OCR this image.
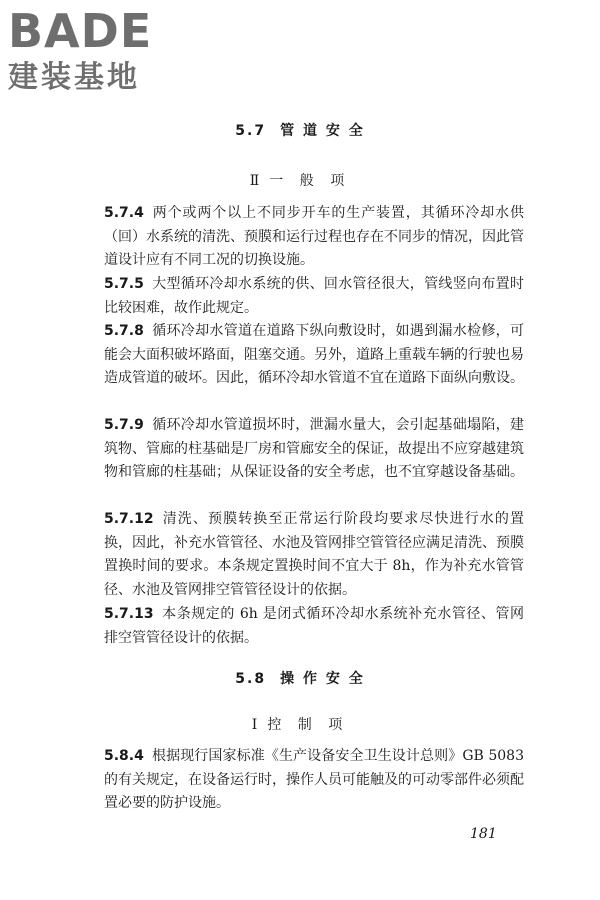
BADE
建装基地
5.7 管 道 安 全
Ⅱ 一 般 项
5.7.4 两个或两个以上不同步开车的生产装置，其循环冷却水供（回）水系统的清洗、预膜和运行过程也存在不同步的情况，因此管道设计应有不同工况的切换设施。
5.7.5 大型循环冷却水系统的供、回水管径很大，管线竖向布置时比较困难，故作此规定。
5.7.8 循环冷却水管道在道路下纵向敷设时，如遇到漏水检修，可能会大面积破坏路面，阻塞交通。另外，道路上重载车辆的行驶也易造成管道的破坏。因此，循环冷却水管道不宜在道路下面纵向敷设。
5.7.9 循环冷却水管道损坏时，泄漏水量大，会引起基础塌陷，建筑物、管廊的柱基础是厂房和管廊安全的保证，故提出不应穿越建筑物和管廊的柱基础；从保证设备的安全考虑，也不宜穿越设备基础。
5.7.12 清洗、预膜转换至正常运行阶段均要求尽快进行水的置换，因此，补充水管管径、水池及管网排空管管径应满足清洗、预膜置换时间的要求。本条规定置换时间不宜大于 8h，作为补充水管管径、水池及管网排空管管径设计的依据。
5.7.13 本条规定的 6h 是闭式循环冷却水系统补充水管径、管网排空管管径设计的依据。
5.8 操 作 安 全
Ⅰ 控 制 项
5.8.4 根据现行国家标准《生产设备安全卫生设计总则》GB 5083 的有关规定，在设备运行时，操作人员可能触及的可动零部件必须配置必要的防护设施。
181
